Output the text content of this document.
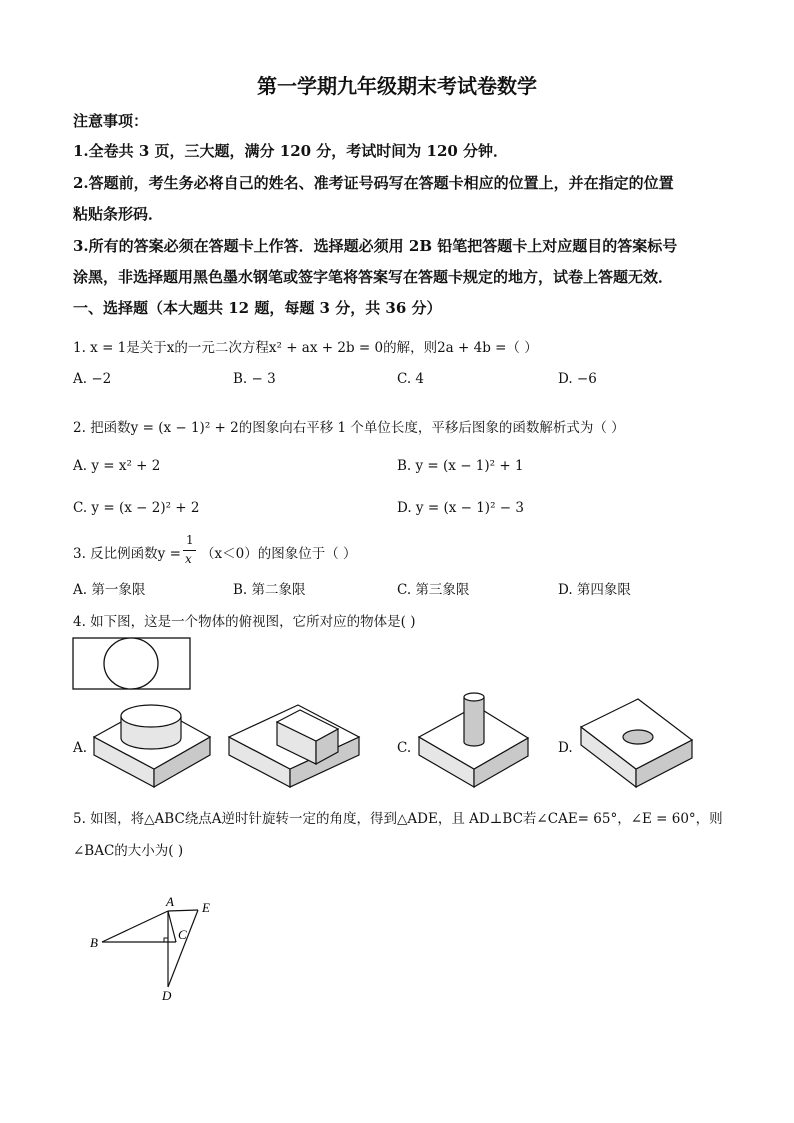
第一学期九年级期末考试卷数学
注意事项：
1.全卷共 3 页，三大题，满分 120 分，考试时间为 120 分钟．
2.答题前，考生务必将自己的姓名、准考证号码写在答题卡相应的位置上，并在指定的位置
粘贴条形码．
3.所有的答案必须在答题卡上作答．选择题必须用 2B 铅笔把答题卡上对应题目的答案标号
涂黑，非选择题用黑色墨水钢笔或签字笔将答案写在答题卡规定的地方，试卷上答题无效．
一、选择题（本大题共 12 题，每题 3 分，共 36 分）
1. x = 1是关于x的一元二次方程x² + ax + 2b = 0的解，则2a + 4b =（ ）
A. −2	B. − 3	C. 4	D. −6
2. 把函数y = (x − 1)² + 2的图象向右平移 1 个单位长度，平移后图象的函数解析式为（ ）
A. y = x² + 2	B. y = (x − 1)² + 1
C. y = (x − 2)² + 2	D. y = (x − 1)² − 3
3. 反比例函数y =
1
x （x＜0）的图象位于（ ）
A. 第一象限	B. 第二象限	C. 第三象限	D. 第四象限
4. 如下图，这是一个物体的俯视图，它所对应的物体是( )
A.	C.	D.
5. 如图，将△ABC绕点A逆时针旋转一定的角度，得到△ADE，且 AD⊥BC若∠CAE= 65°，∠E = 60°，则
∠BAC的大小为( )
A
B
C
D
E
